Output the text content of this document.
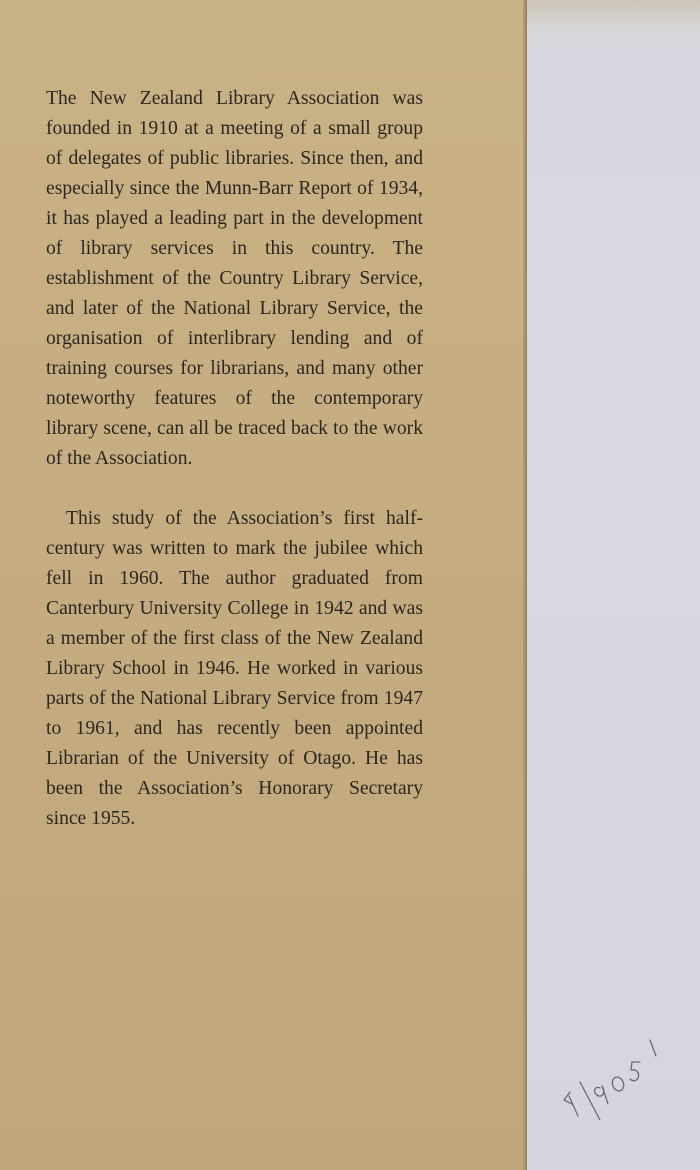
The New Zealand Library Association was founded in 1910 at a meeting of a small group of delegates of public libraries. Since then, and especially since the Munn-Barr Report of 1934, it has played a leading part in the development of library services in this country. The establishment of the Country Library Service, and later of the National Library Service, the organisation of interlibrary lending and of training courses for librarians, and many other noteworthy features of the contemporary library scene, can all be traced back to the work of the Association.

This study of the Association’s first half-century was written to mark the jubilee which fell in 1960. The author graduated from Canterbury University College in 1942 and was a member of the first class of the New Zealand Library School in 1946. He worked in various parts of the National Library Service from 1947 to 1961, and has recently been appointed Librarian of the University of Otago. He has been the Association’s Honorary Secretary since 1955.
